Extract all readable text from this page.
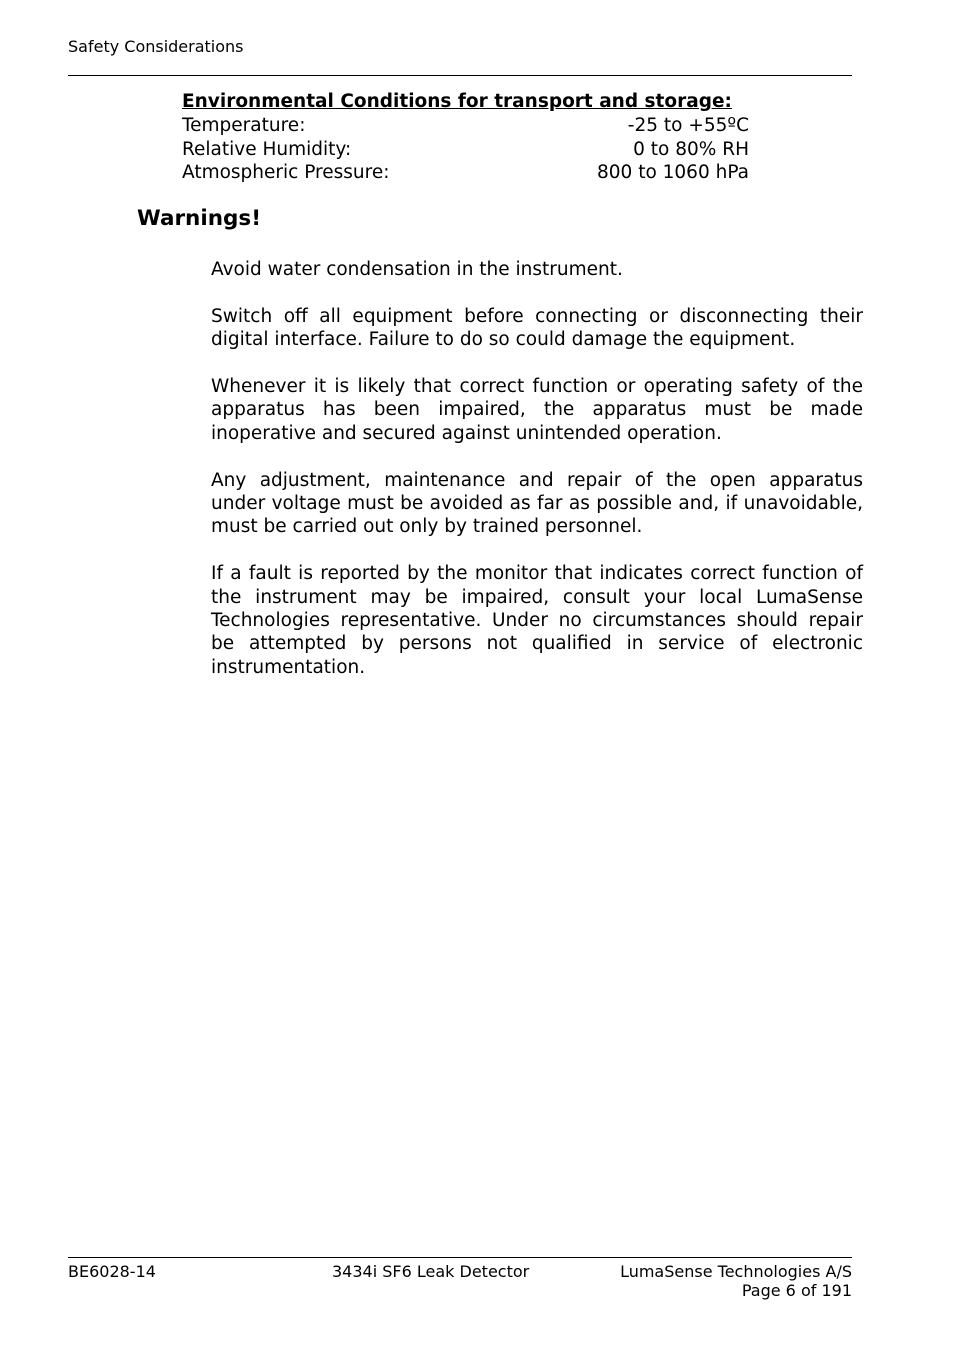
Safety Considerations

Environmental Conditions for transport and storage:

Temperature:	-25 to +55ºC
Relative Humidity:	0 to 80% RH
Atmospheric Pressure:	800 to 1060 hPa
Warnings!

Avoid water condensation in the instrument.

Switch off all equipment before connecting or disconnecting their digital interface. Failure to do so could damage the equipment.

Whenever it is likely that correct function or operating safety of the apparatus has been impaired, the apparatus must be made inoperative and secured against unintended operation.

Any adjustment, maintenance and repair of the open apparatus under voltage must be avoided as far as possible and, if unavoidable, must be carried out only by trained personnel.

If a fault is reported by the monitor that indicates correct function of the instrument may be impaired, consult your local LumaSense Technologies representative. Under no circumstances should repair be attempted by persons not qualified in service of electronic instrumentation.

BE6028-14	3434i SF6 Leak Detector	LumaSense Technologies A/S
Page 6 of 191
